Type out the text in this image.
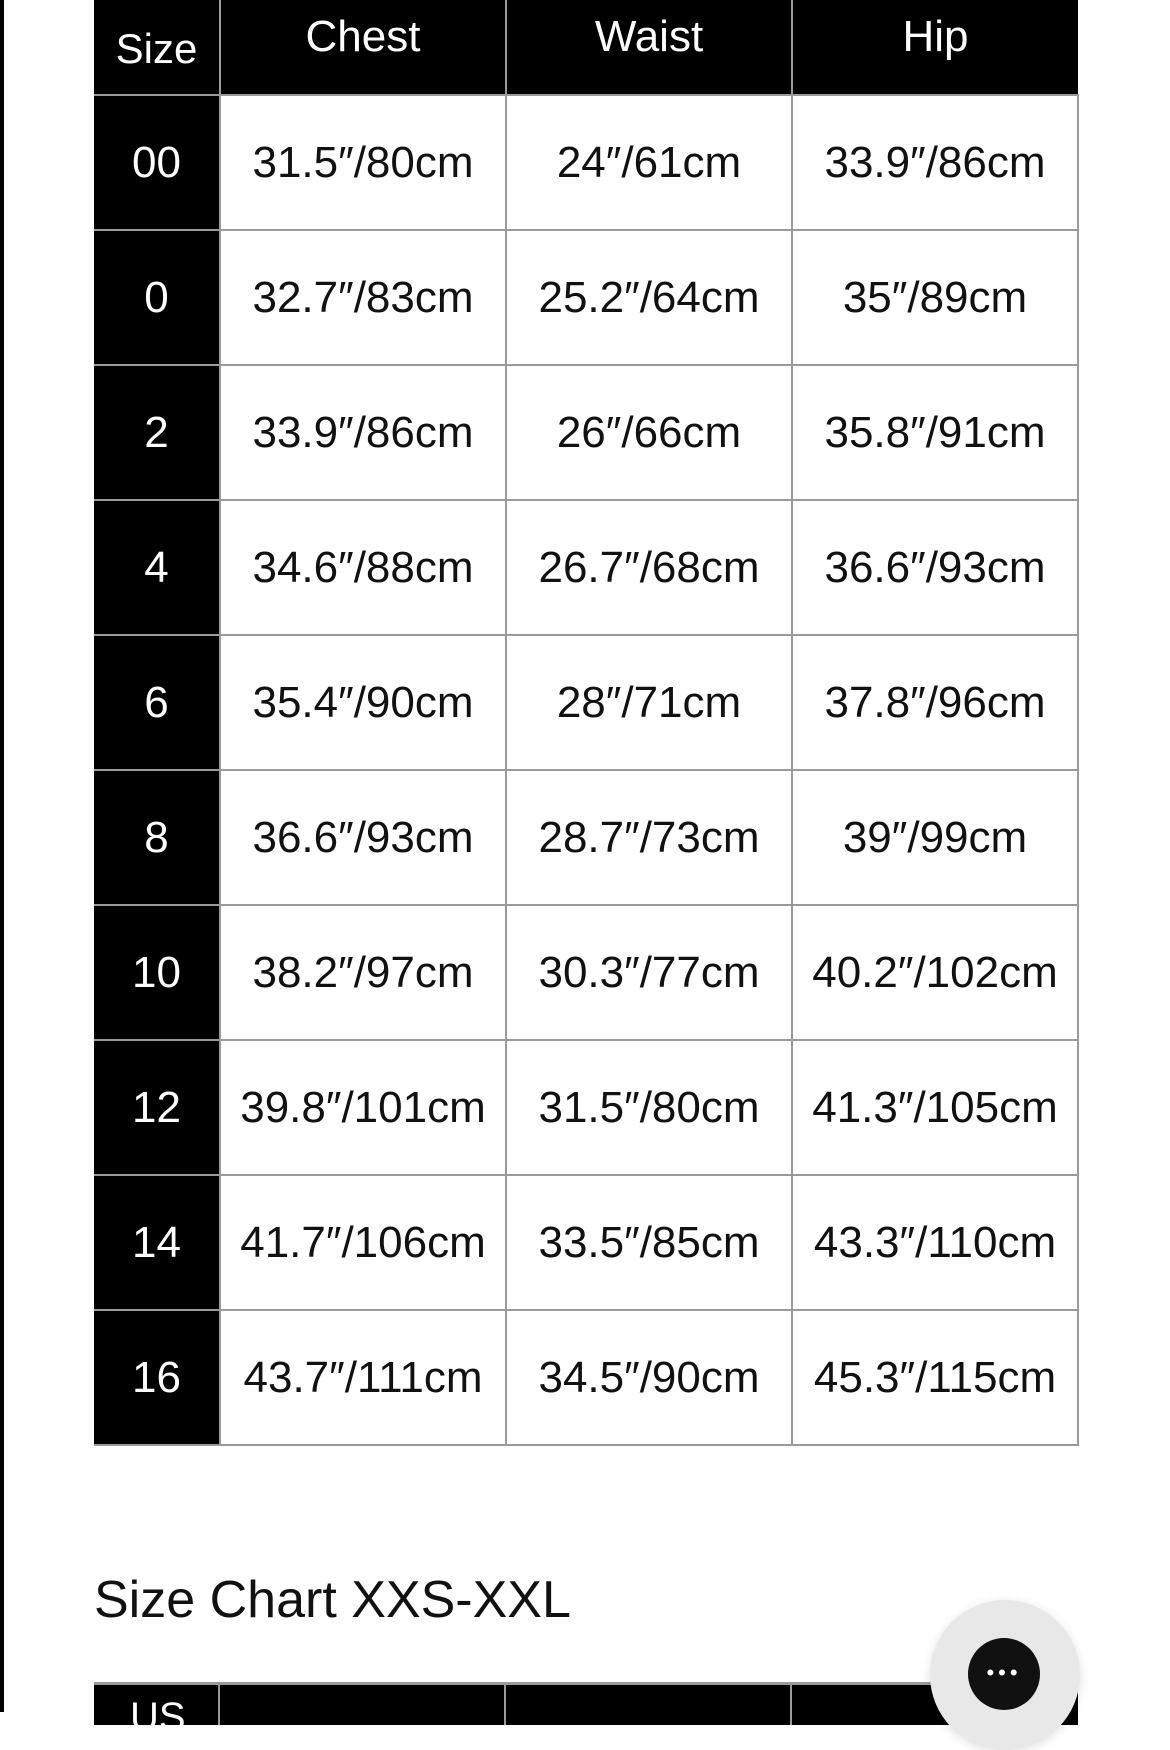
Size	Chest	Waist	Hip
00	31.5″/80cm	24″/61cm	33.9″/86cm
0	32.7″/83cm	25.2″/64cm	35″/89cm
2	33.9″/86cm	26″/66cm	35.8″/91cm
4	34.6″/88cm	26.7″/68cm	36.6″/93cm
6	35.4″/90cm	28″/71cm	37.8″/96cm
8	36.6″/93cm	28.7″/73cm	39″/99cm
10	38.2″/97cm	30.3″/77cm	40.2″/102cm
12	39.8″/101cm	31.5″/80cm	41.3″/105cm
14	41.7″/106cm	33.5″/85cm	43.3″/110cm
16	43.7″/111cm	34.5″/90cm	45.3″/115cm
Size Chart XXS-XXL
US
•••
